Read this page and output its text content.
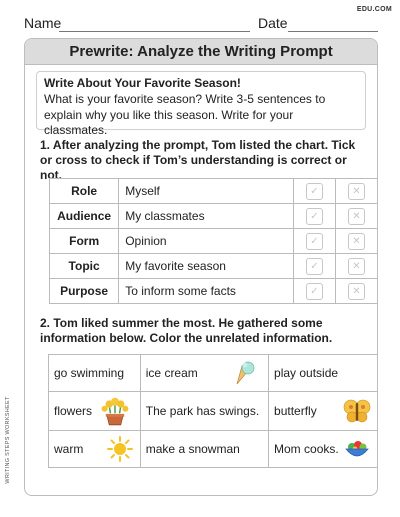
EDU.COM
Name	Date
WRITING STEPS WORKSHEET
Prewrite: Analyze the Writing Prompt
Write About Your Favorite Season!
What is your favorite season? Write 3-5 sentences to explain why you like this season. Write for your classmates.
1. After analyzing the prompt, Tom listed the chart. Tick or cross to check if Tom’s understanding is correct or not.
Role	Myself	✓	✕
Audience	My classmates	✓	✕
Form	Opinion	✓	✕
Topic	My favorite season	✓	✕
Purpose	To inform some facts	✓	✕
2. Tom liked summer the most. He gathered some information below. Color the unrelated information.
go swimming	ice cream	play outside

flowers	The park has swings.	butterfly

warm	make a snowman	Mom cooks.
